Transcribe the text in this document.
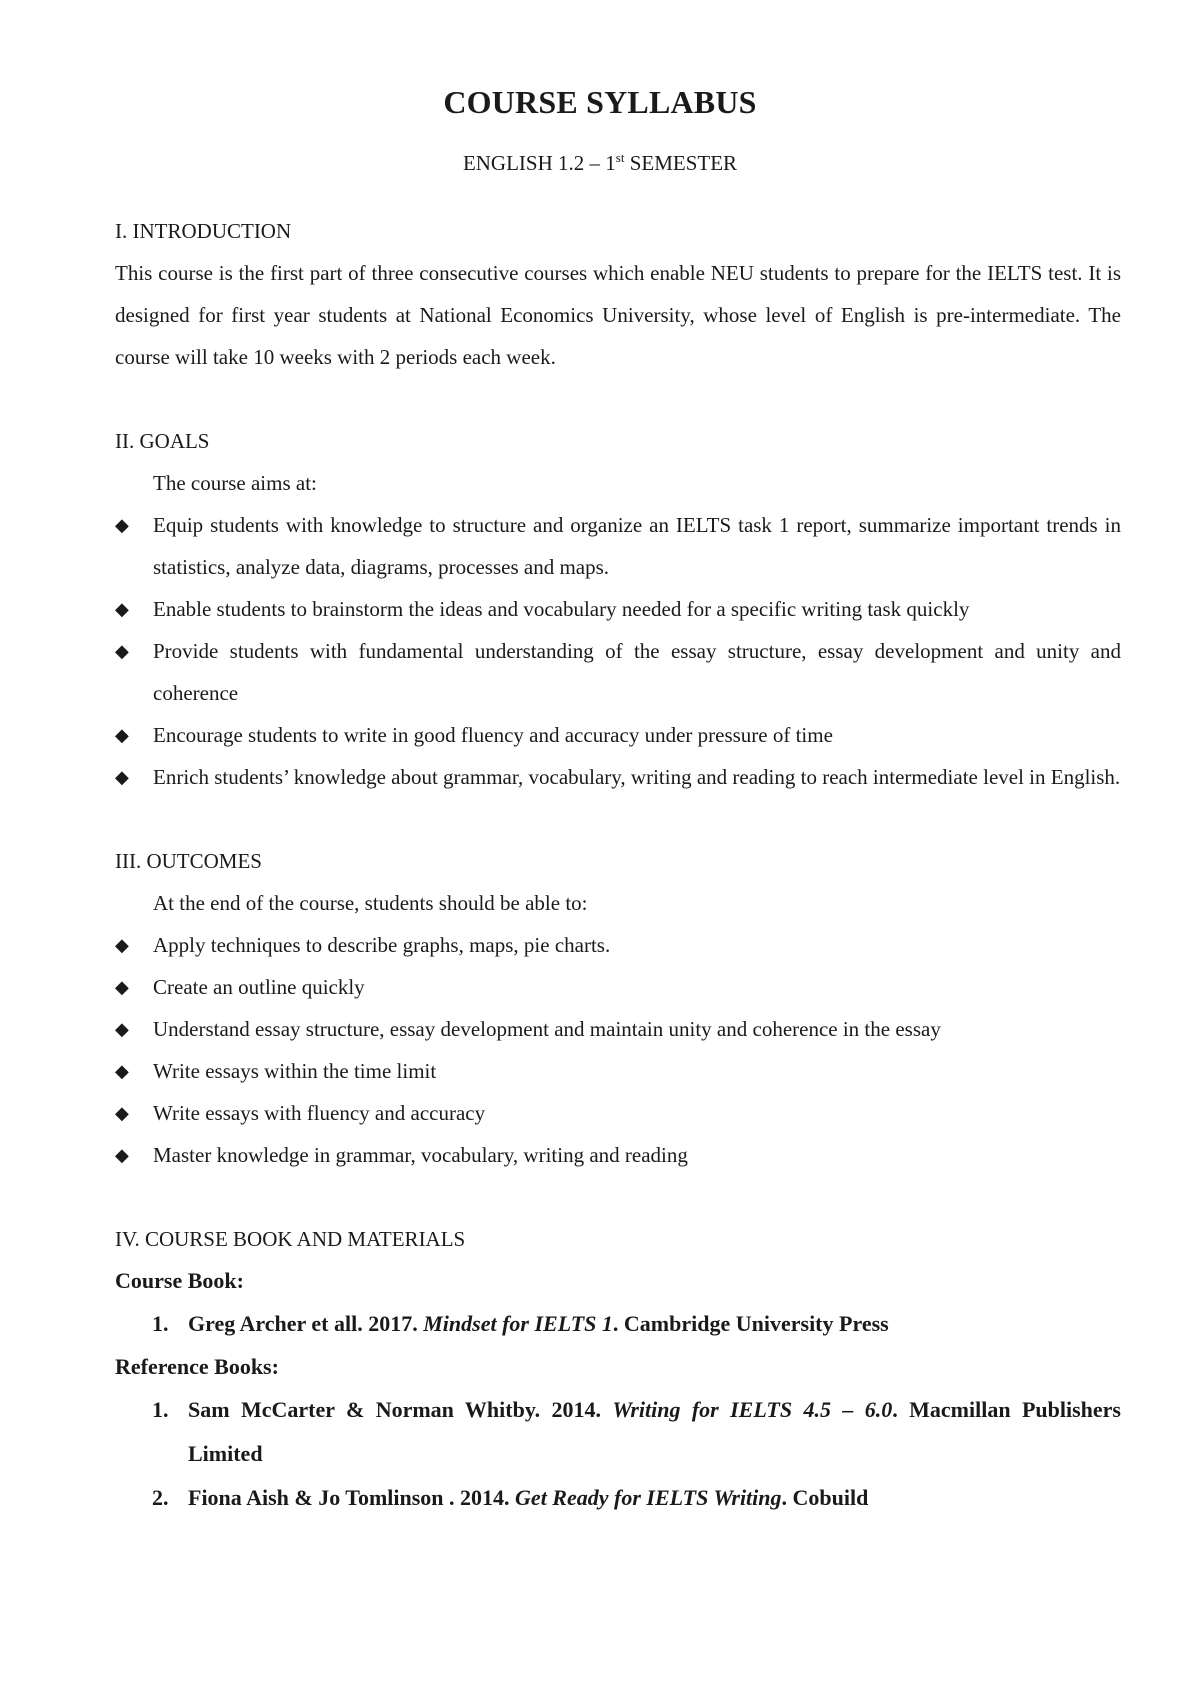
COURSE SYLLABUS
ENGLISH 1.2 – 1st SEMESTER
I. INTRODUCTION
This course is the first part of three consecutive courses which enable NEU students to prepare for the IELTS test. It is designed for first year students at National Economics University, whose level of English is pre-intermediate. The course will take 10 weeks with 2 periods each week.
II. GOALS
The course aims at:
◆ Equip students with knowledge to structure and organize an IELTS task 1 report, summarize important trends in statistics, analyze data, diagrams, processes and maps.
◆ Enable students to brainstorm the ideas and vocabulary needed for a specific writing task quickly
◆ Provide students with fundamental understanding of the essay structure, essay development and unity and coherence
◆ Encourage students to write in good fluency and accuracy under pressure of time
◆ Enrich students’ knowledge about grammar, vocabulary, writing and reading to reach intermediate level in English.
III. OUTCOMES
At the end of the course, students should be able to:
◆ Apply techniques to describe graphs, maps, pie charts.
◆ Create an outline quickly
◆ Understand essay structure, essay development and maintain unity and coherence in the essay
◆ Write essays within the time limit
◆ Write essays with fluency and accuracy
◆ Master knowledge in grammar, vocabulary, writing and reading
IV. COURSE BOOK AND MATERIALS
Course Book:
1. Greg Archer et all. 2017. Mindset for IELTS 1. Cambridge University Press
Reference Books:
1. Sam McCarter & Norman Whitby. 2014. Writing for IELTS 4.5 – 6.0. Macmillan Publishers Limited
2. Fiona Aish & Jo Tomlinson . 2014. Get Ready for IELTS Writing. Cobuild
